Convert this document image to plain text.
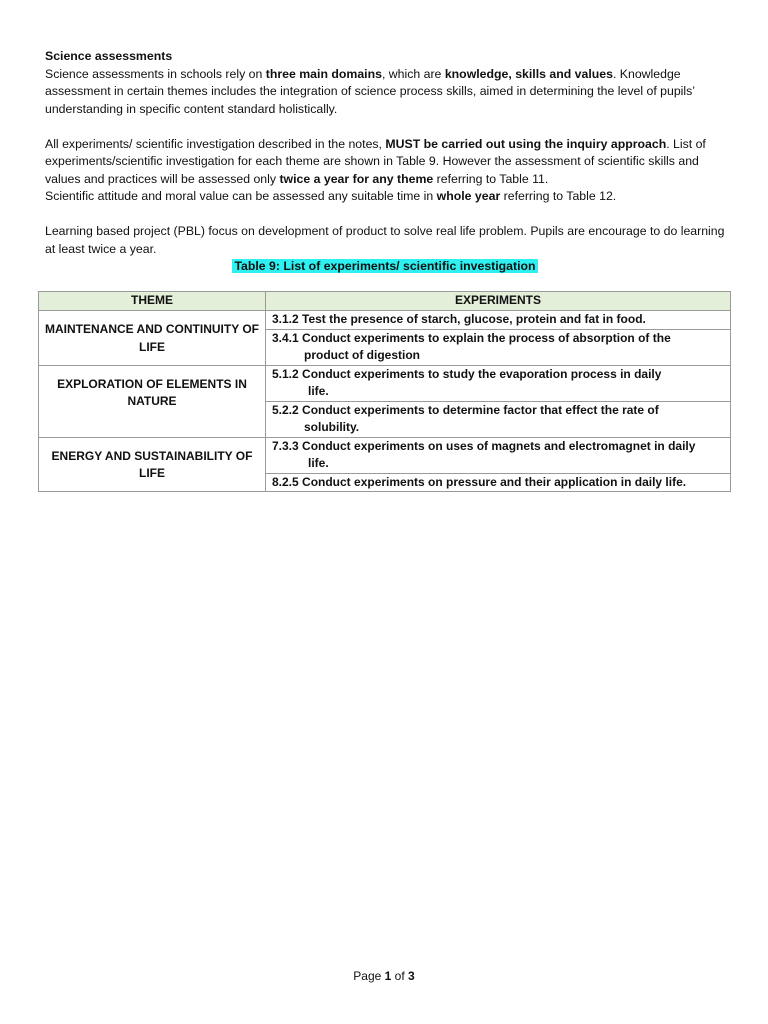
Science assessments

Science assessments in schools rely on three main domains, which are knowledge, skills and values. Knowledge assessment in certain themes includes the integration of science process skills, aimed in determining the level of pupils’ understanding in specific content standard holistically.

All experiments/ scientific investigation described in the notes, MUST be carried out using the inquiry approach. List of experiments/scientific investigation for each theme are shown in Table 9. However the assessment of scientific skills and values and practices will be assessed only twice a year for any theme referring to Table 11.

Scientific attitude and moral value can be assessed any suitable time in whole year referring to Table 12.

Learning based project (PBL) focus on development of product to solve real life problem. Pupils are encourage to do learning at least twice a year.

Table 9: List of experiments/ scientific investigation
THEME	EXPERIMENTS
MAINTENANCE AND CONTINUITY OF LIFE	3.1.2 Test the presence of starch, glucose, protein and fat in food.
	3.4.1 Conduct experiments to explain the process of absorption of the
product of digestion

EXPLORATION OF ELEMENTS IN NATURE	5.1.2 Conduct experiments to study the evaporation process in daily
life.

	5.2.2 Conduct experiments to determine factor that effect the rate of
solubility.

ENERGY AND SUSTAINABILITY OF LIFE	7.3.3 Conduct experiments on uses of magnets and electromagnet in daily
life.

	8.2.5 Conduct experiments on pressure and their application in daily life.
Page 1 of 3
